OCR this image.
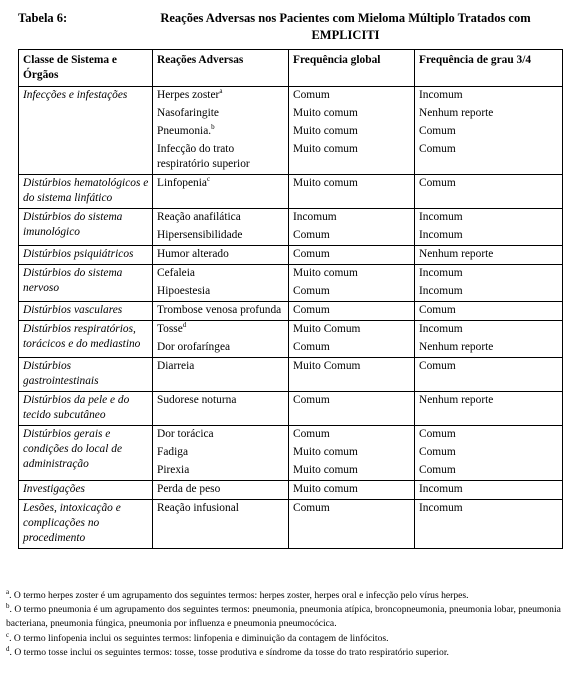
Tabela 6:	Reações Adversas nos Pacientes com Mieloma Múltiplo Tratados com EMPLICITI
Classe de Sistema e Órgãos	Reações Adversas	Frequência global	Frequência de grau 3/4
Infecções e infestações	Herpes zoster$^a$	Comum	Incomum
	Nasofaringite	Muito comum	Nenhum reporte
	Pneumonia.$^b$	Muito comum	Comum
	Infecção do trato respiratório superior	Muito comum	Comum
Distúrbios hematológicos e do sistema linfático	Linfopenia$^c$	Muito comum	Comum
Distúrbios do sistema imunológico	Reação anafilática	Incomum	Incomum
	Hipersensibilidade	Comum	Incomum
Distúrbios psiquiátricos	Humor alterado	Comum	Nenhum reporte
Distúrbios do sistema nervoso	Cefaleia	Muito comum	Incomum
	Hipoestesia	Comum	Incomum
Distúrbios vasculares	Trombose venosa profunda	Comum	Comum
Distúrbios respiratórios, torácicos e do mediastino	Tosse$^d$	Muito Comum	Incomum
	Dor orofaríngea	Comum	Nenhum reporte
Distúrbios gastrointestinais	Diarreia	Muito Comum	Comum
Distúrbios da pele e do tecido subcutâneo	Sudorese noturna	Comum	Nenhum reporte
Distúrbios gerais e condições do local de administração	Dor torácica	Comum	Comum
	Fadiga	Muito comum	Comum
	Pirexia	Muito comum	Comum
Investigações	Perda de peso	Muito comum	Incomum
Lesões, intoxicação e complicações no procedimento	Reação infusional	Comum	Incomum

$^a$. O termo herpes zoster é um agrupamento dos seguintes termos: herpes zoster, herpes oral e infecção pelo vírus herpes.

$^b$. O termo pneumonia é um agrupamento dos seguintes termos: pneumonia, pneumonia atípica, broncopneumonia, pneumonia lobar, pneumonia bacteriana, pneumonia fúngica, pneumonia por influenza e pneumonia pneumocócica.

$^c$. O termo linfopenia inclui os seguintes termos: linfopenia e diminuição da contagem de linfócitos.

$^d$. O termo tosse inclui os seguintes termos: tosse, tosse produtiva e síndrome da tosse do trato respiratório superior.
